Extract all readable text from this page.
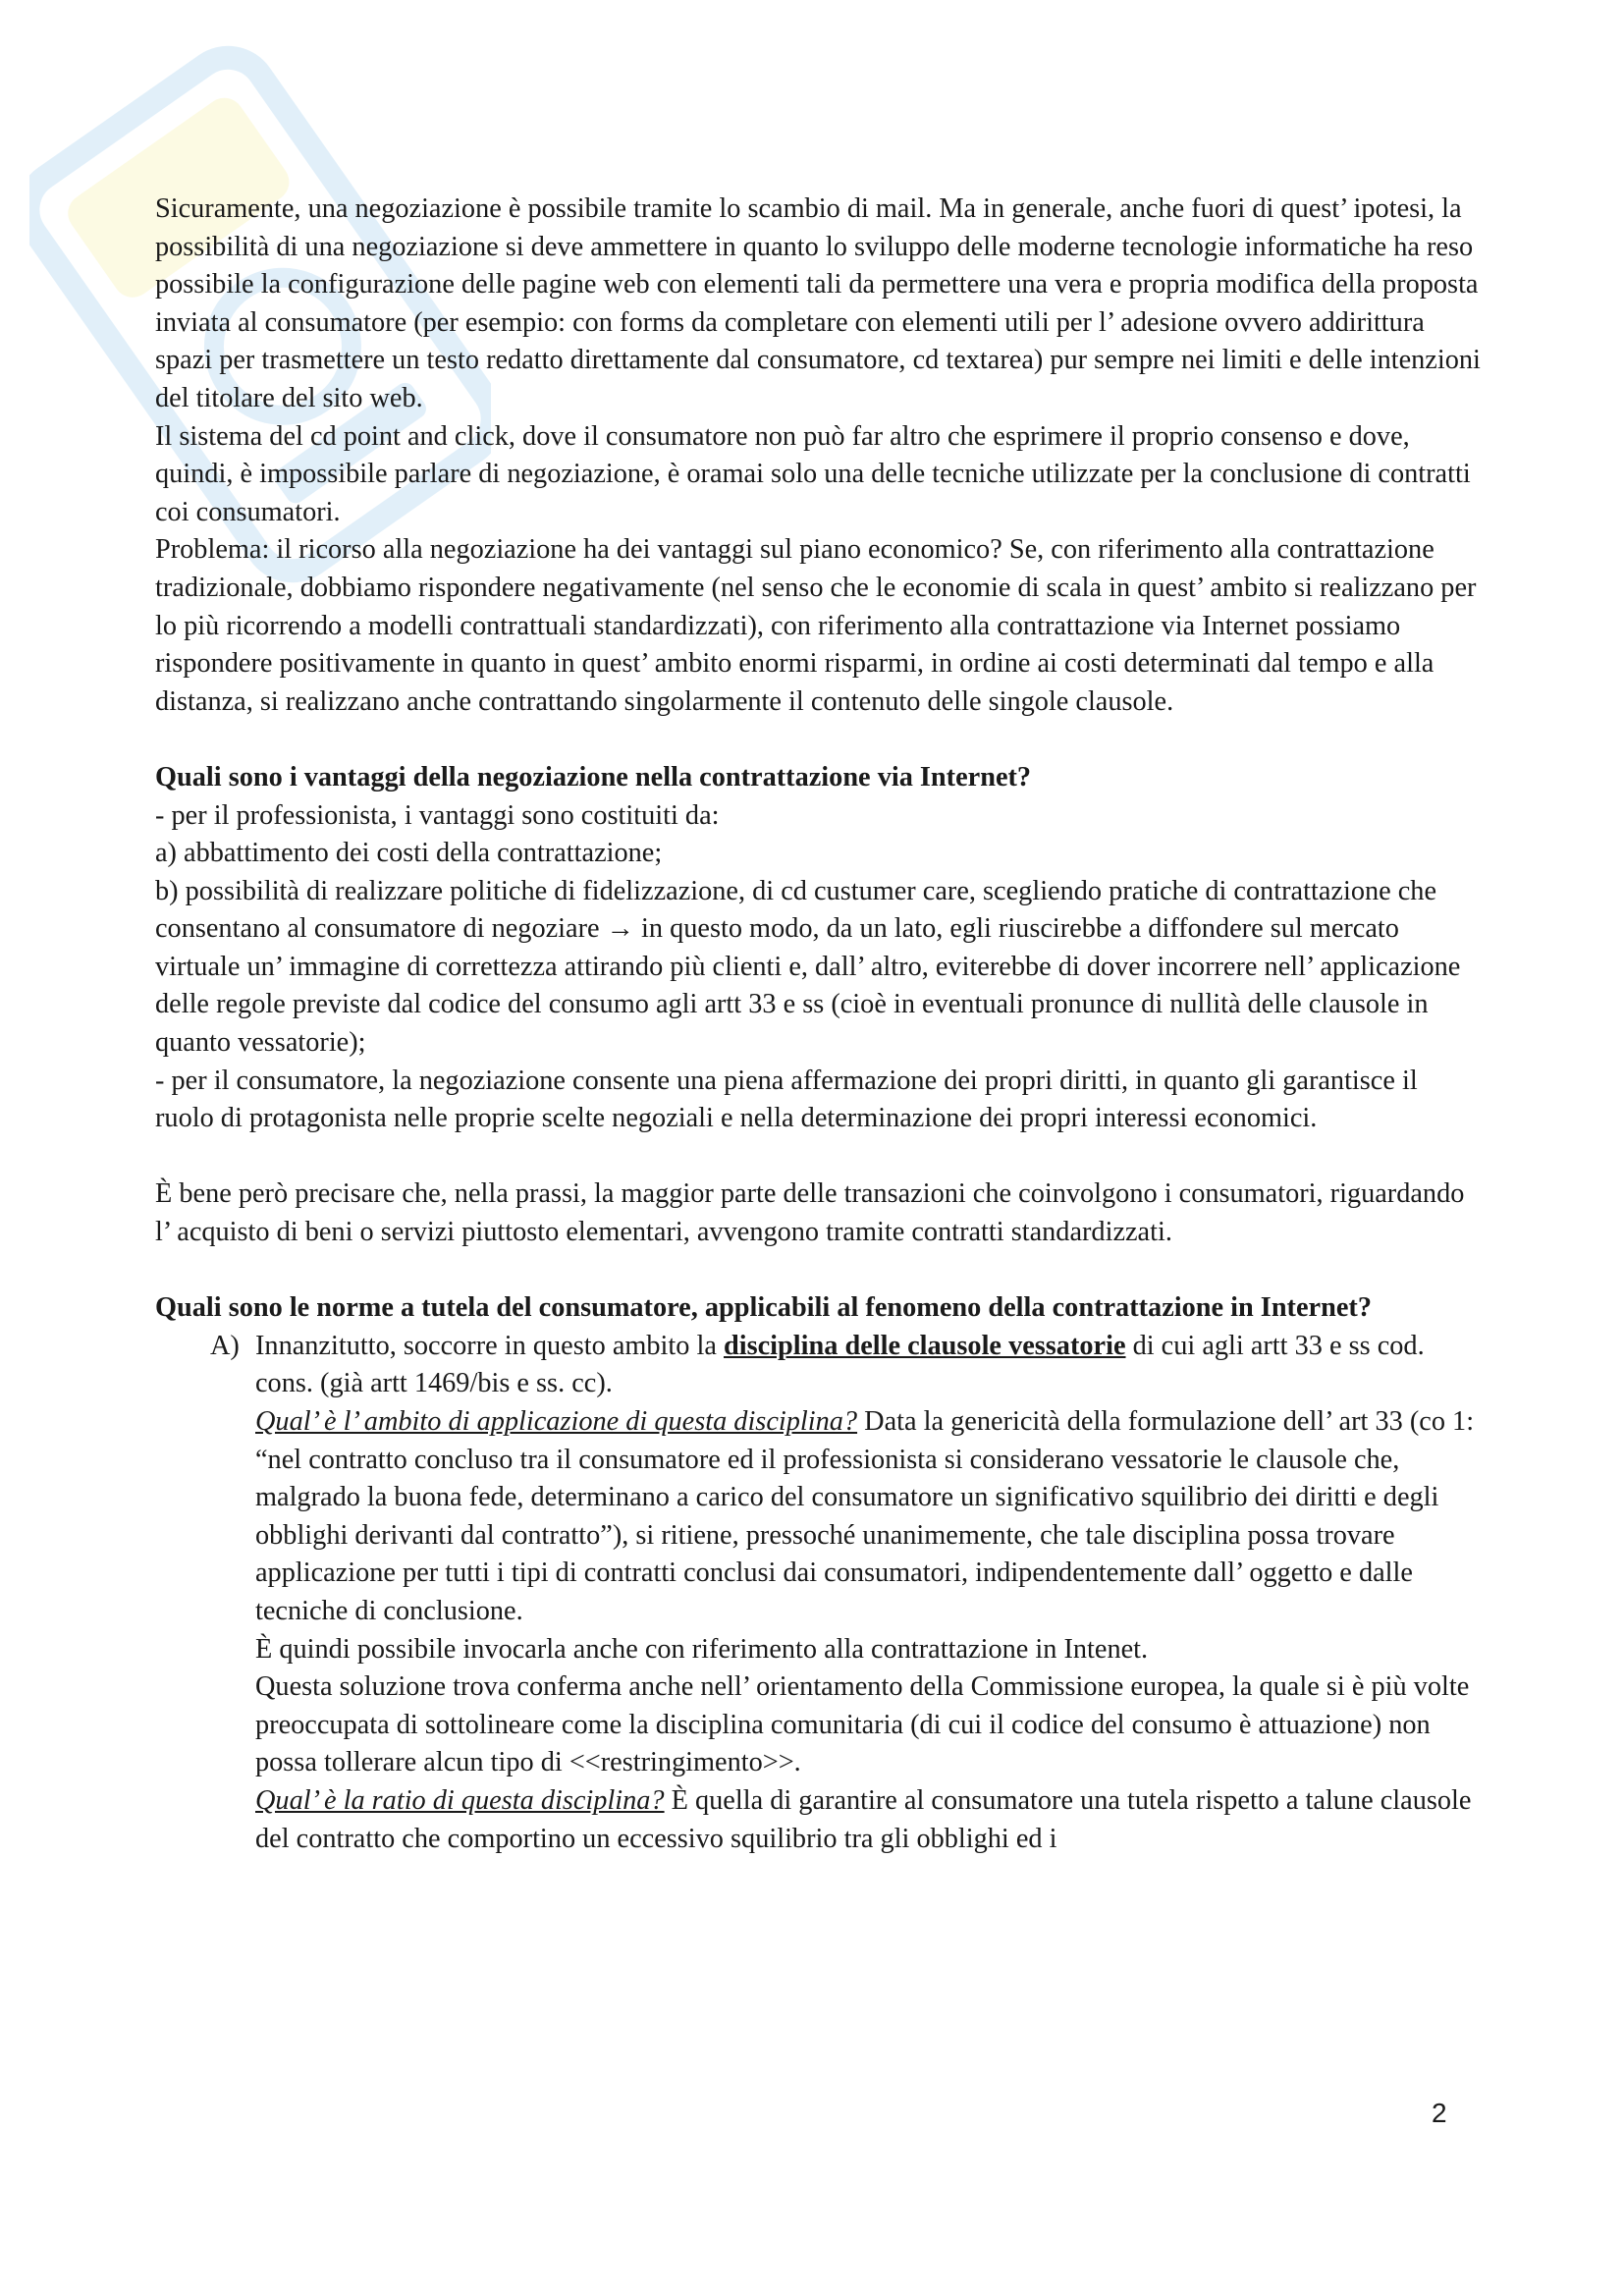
Sicuramente, una negoziazione è possibile tramite lo scambio di mail. Ma in generale, anche fuori di quest’ ipotesi, la possibilità di una negoziazione si deve ammettere in quanto lo sviluppo delle moderne tecnologie informatiche ha reso possibile la configurazione delle pagine web con elementi tali da permettere una vera e propria modifica della proposta inviata al consumatore (per esempio: con forms da completare con elementi utili per l’ adesione ovvero addirittura spazi per trasmettere un testo redatto direttamente dal consumatore, cd textarea) pur sempre nei limiti e delle intenzioni del titolare del sito web.

Il sistema del cd point and click, dove il consumatore non può far altro che esprimere il proprio consenso e dove, quindi, è impossibile parlare di negoziazione, è oramai solo una delle tecniche utilizzate per la conclusione di contratti coi consumatori.

Problema: il ricorso alla negoziazione ha dei vantaggi sul piano economico? Se, con riferimento alla contrattazione tradizionale, dobbiamo rispondere negativamente (nel senso che le economie di scala in quest’ ambito si realizzano per lo più ricorrendo a modelli contrattuali standardizzati), con riferimento alla contrattazione via Internet possiamo rispondere positivamente in quanto in quest’ ambito enormi risparmi, in ordine ai costi determinati dal tempo e alla distanza, si realizzano anche contrattando singolarmente il contenuto delle singole clausole.

Quali sono i vantaggi della negoziazione nella contrattazione via Internet?

- per il professionista, i vantaggi sono costituiti da:

a) abbattimento dei costi della contrattazione;

b) possibilità di realizzare politiche di fidelizzazione, di cd custumer care, scegliendo pratiche di contrattazione che consentano al consumatore di negoziare → in questo modo, da un lato, egli riuscirebbe a diffondere sul mercato virtuale un’ immagine di correttezza attirando più clienti e, dall’ altro, eviterebbe di dover incorrere nell’ applicazione delle regole previste dal codice del consumo agli artt 33 e ss (cioè in eventuali pronunce di nullità delle clausole in quanto vessatorie);

- per il consumatore, la negoziazione consente una piena affermazione dei propri diritti, in quanto gli garantisce il ruolo di protagonista nelle proprie scelte negoziali e nella determinazione dei propri interessi economici.

È bene però precisare che, nella prassi, la maggior parte delle transazioni che coinvolgono i consumatori, riguardando l’ acquisto di beni o servizi piuttosto elementari, avvengono tramite contratti standardizzati.

Quali sono le norme a tutela del consumatore, applicabili al fenomeno della contrattazione in Internet?

A) Innanzitutto, soccorre in questo ambito la disciplina delle clausole vessatorie di cui agli artt 33 e ss cod. cons. (già artt 1469/bis e ss. cc).

Qual’ è l’ ambito di applicazione di questa disciplina? Data la genericità della formulazione dell’ art 33 (co 1: “nel contratto concluso tra il consumatore ed il professionista si considerano vessatorie le clausole che, malgrado la buona fede, determinano a carico del consumatore un significativo squilibrio dei diritti e degli obblighi derivanti dal contratto”), si ritiene, pressoché unanimemente, che tale disciplina possa trovare applicazione per tutti i tipi di contratti conclusi dai consumatori, indipendentemente dall’ oggetto e dalle tecniche di conclusione.

È quindi possibile invocarla anche con riferimento alla contrattazione in Intenet.

Questa soluzione trova conferma anche nell’ orientamento della Commissione europea, la quale si è più volte preoccupata di sottolineare come la disciplina comunitaria (di cui il codice del consumo è attuazione) non possa tollerare alcun tipo di <<restringimento>>.

Qual’ è la ratio di questa disciplina? È quella di garantire al consumatore una tutela rispetto a talune clausole del contratto che comportino un eccessivo squilibrio tra gli obblighi ed i

2
